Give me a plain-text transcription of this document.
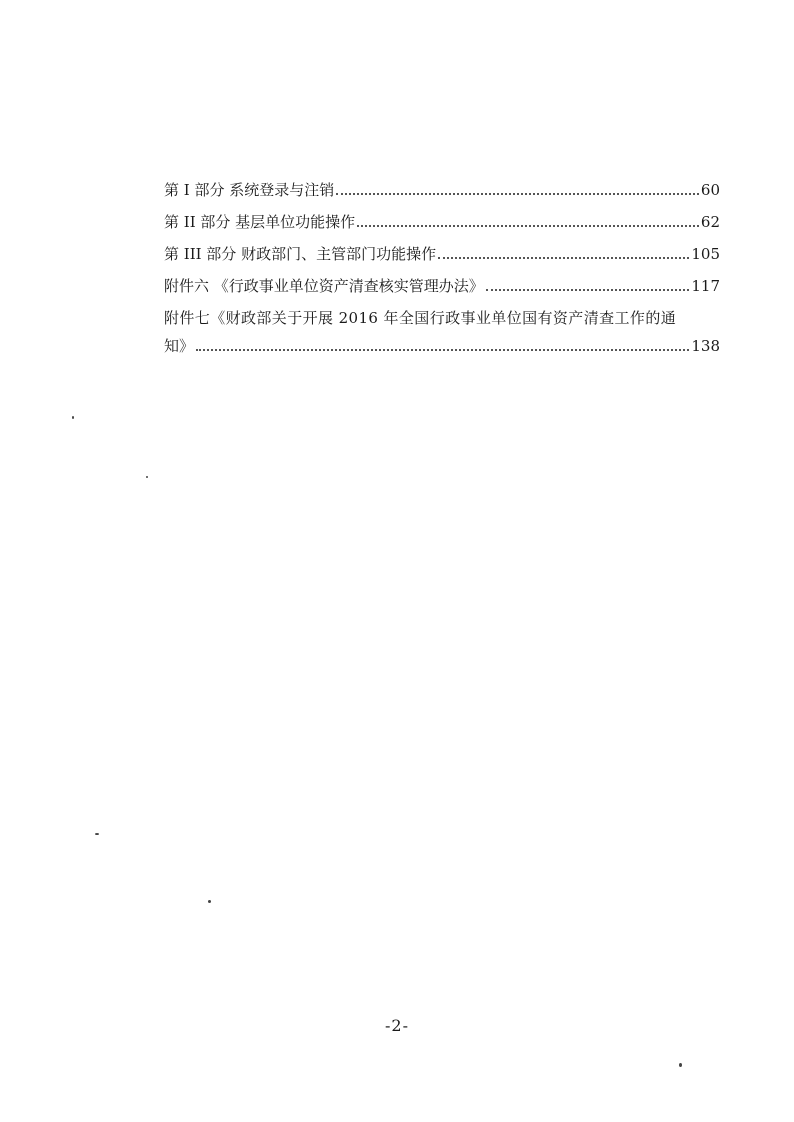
第 I 部分 系统登录与注销	60
第 II 部分 基层单位功能操作	62
第 III 部分 财政部门、主管部门功能操作	105
附件六 《行政事业单位资产清查核实管理办法》	117
附件七《财政部关于开展 2016 年全国行政事业单位国有资产清查工作的通
知》	138
-2-
